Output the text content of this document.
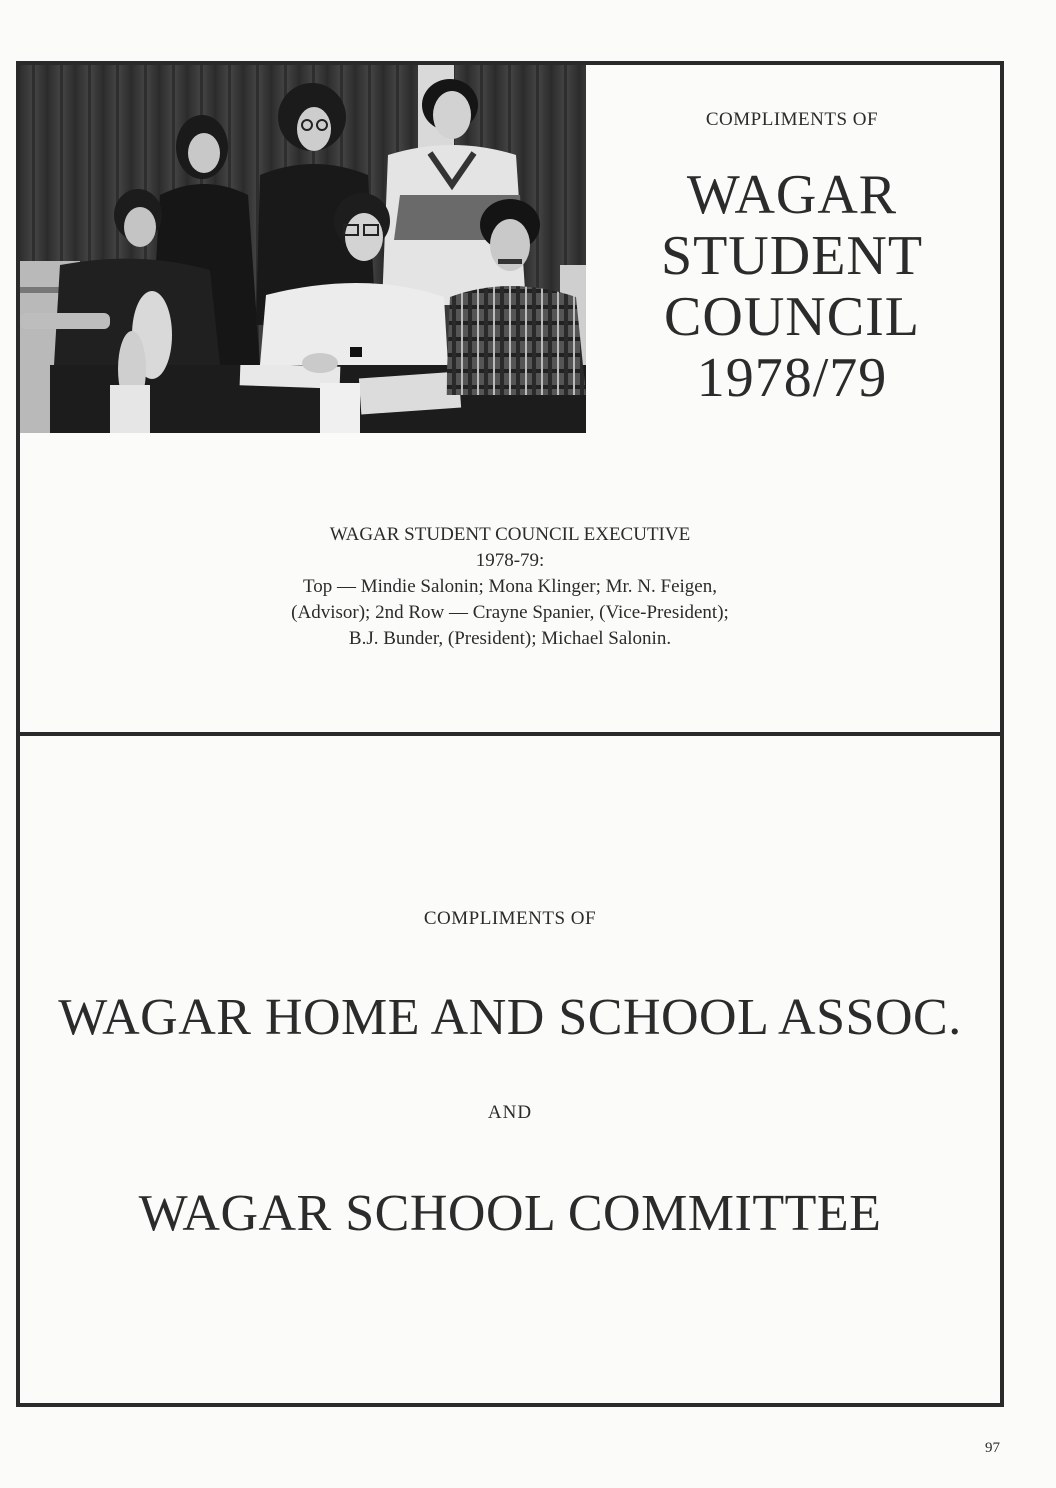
COMPLIMENTS OF
WAGAR
STUDENT
COUNCIL
1978/79
WAGAR STUDENT COUNCIL EXECUTIVE
1978-79:
Top — Mindie Salonin; Mona Klinger; Mr. N. Feigen,
(Advisor); 2nd Row — Crayne Spanier, (Vice-President);
B.J. Bunder, (President); Michael Salonin.
COMPLIMENTS OF
WAGAR HOME AND SCHOOL ASSOC.
AND
WAGAR SCHOOL COMMITTEE
97
